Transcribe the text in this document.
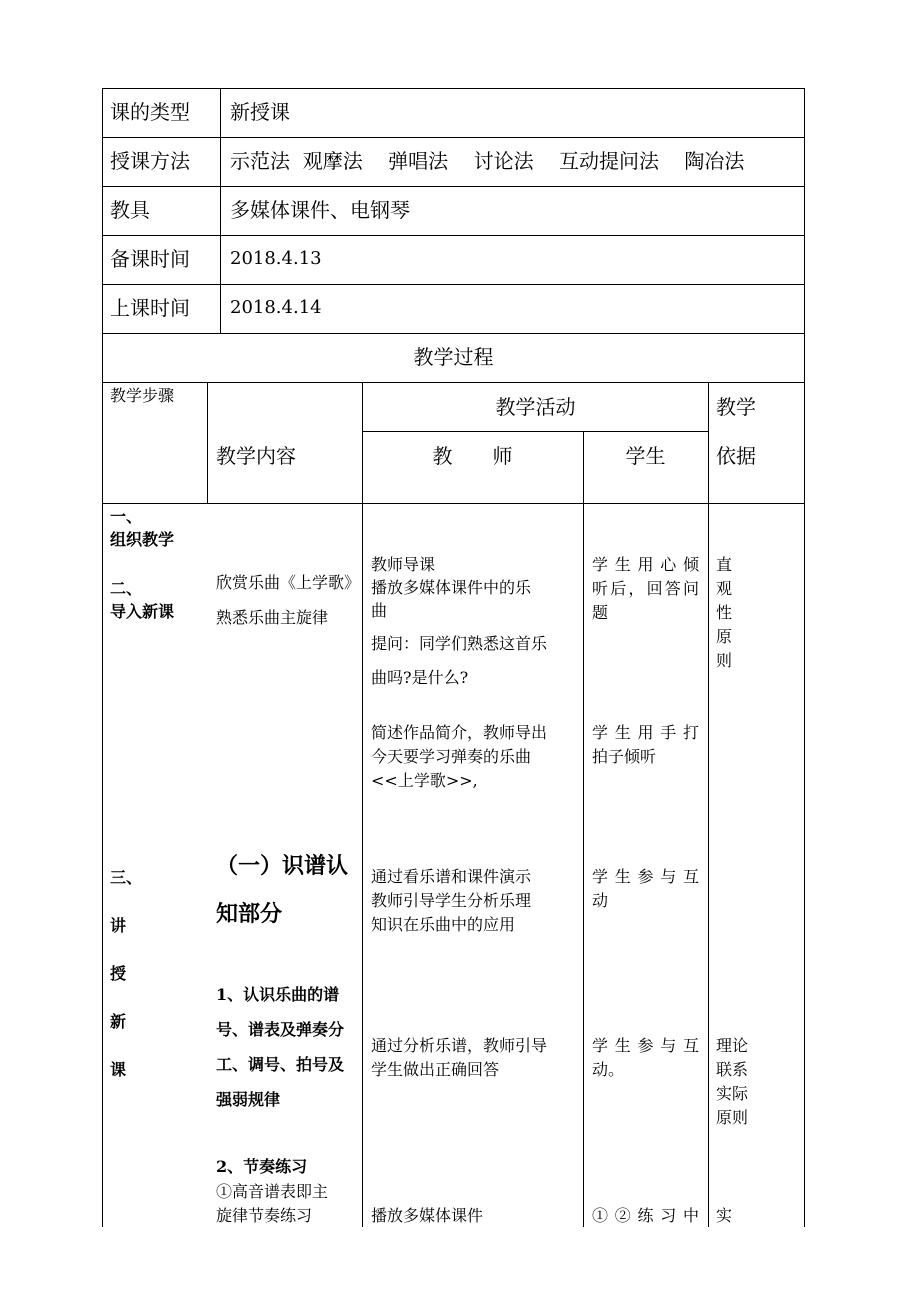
课的类型 新授课
授课方法 示范法  观摩法    弹唱法    讨论法    互动提问法    陶冶法
教具	多媒体课件、电钢琴
备课时间 2018.4.13
上课时间 2018.4.14
教学过程
教学步骤
教学内容
教学活动
教　　师	学生
教学
依据
一、
组织教学
二、
导入新课
三、
讲
授
新
课
欣赏乐曲《上学歌》
熟悉乐曲主旋律
（一）识谱认
知部分
1、认识乐曲的谱
号、谱表及弹奏分
工、调号、拍号及
强弱规律
2、节奏练习
①高音谱表即主
旋律节奏练习
教师导课
播放多媒体课件中的乐
曲
提问：同学们熟悉这首乐
曲吗?是什么?
简述作品简介，教师导出
今天要学习弹奏的乐曲
<<上学歌>>,
通过看乐谱和课件演示
教师引导学生分析乐理
知识在乐曲中的应用
通过分析乐谱，教师引导
学生做出正确回答
播放多媒体课件
学生用心倾
听后，回答问
题
学生用手打
拍子倾听
学生参与互
动
学生参与互
动。
①②练习中
直
观
性
原
则
理论
联系
实际
原则
实
